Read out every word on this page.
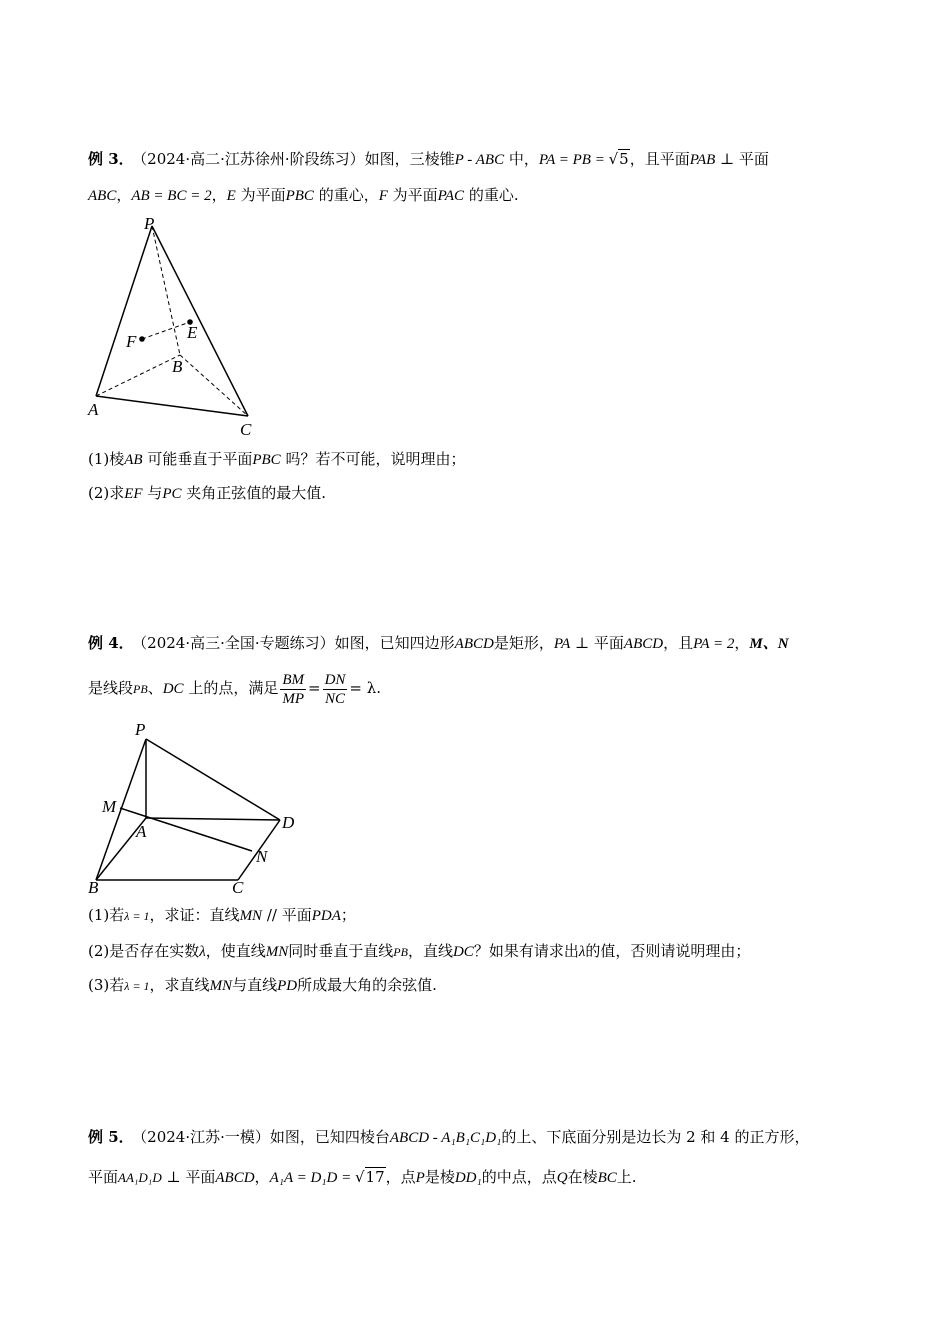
例 3． （2024·高二·江苏徐州·阶段练习）如图，三棱锥P - ABC 中，PA = PB = √5，且平面PAB ⊥ 平面
ABC，AB = BC = 2，E 为平面PBC 的重心，F 为平面PAC 的重心.
P
F	E
B
A
C
(1)棱AB 可能垂直于平面PBC 吗？若不可能，说明理由；
(2)求EF 与PC 夹角正弦值的最大值.
例 4． （2024·高三·全国·专题练习）如图，已知四边形ABCD是矩形，PA ⊥ 平面ABCD，且PA = 2，M、N
是线段PB、DC 上的点，满足 $\frac{BM}{MP} = \frac{DN}{NC} = \lambda$.
P
M
A	D
N
B	C
(1)若λ = 1，求证：直线MN // 平面PDA；
(2)是否存在实数λ，使直线MN同时垂直于直线PB，直线DC？如果有请求出λ的值，否则请说明理由；
(3)若λ = 1，求直线MN与直线PD所成最大角的余弦值.
例 5． （2024·江苏·一模）如图，已知四棱台ABCD - A₁B₁C₁D₁的上、下底面分别是边长为 2 和 4 的正方形，
平面AA₁D₁D ⊥ 平面ABCD，A₁A = D₁D = √17，点P是棱DD₁的中点，点Q在棱BC上.
